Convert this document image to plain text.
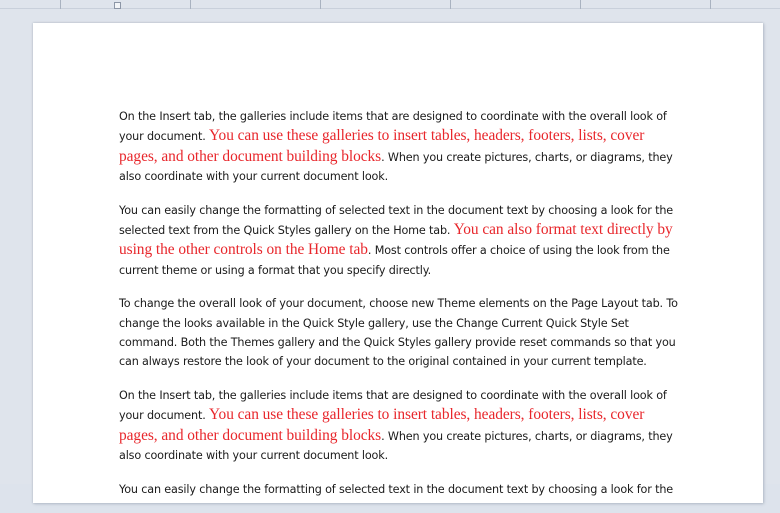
On the Insert tab, the galleries include items that are designed to coordinate with the overall look of your document. You can use these galleries to insert tables, headers, footers, lists, cover pages, and other document building blocks. When you create pictures, charts, or diagrams, they also coordinate with your current document look.

You can easily change the formatting of selected text in the document text by choosing a look for the selected text from the Quick Styles gallery on the Home tab. You can also format text directly by using the other controls on the Home tab. Most controls offer a choice of using the look from the current theme or using a format that you specify directly.

To change the overall look of your document, choose new Theme elements on the Page Layout tab. To change the looks available in the Quick Style gallery, use the Change Current Quick Style Set command. Both the Themes gallery and the Quick Styles gallery provide reset commands so that you can always restore the look of your document to the original contained in your current template.

On the Insert tab, the galleries include items that are designed to coordinate with the overall look of your document. You can use these galleries to insert tables, headers, footers, lists, cover pages, and other document building blocks. When you create pictures, charts, or diagrams, they also coordinate with your current document look.

You can easily change the formatting of selected text in the document text by choosing a look for the
